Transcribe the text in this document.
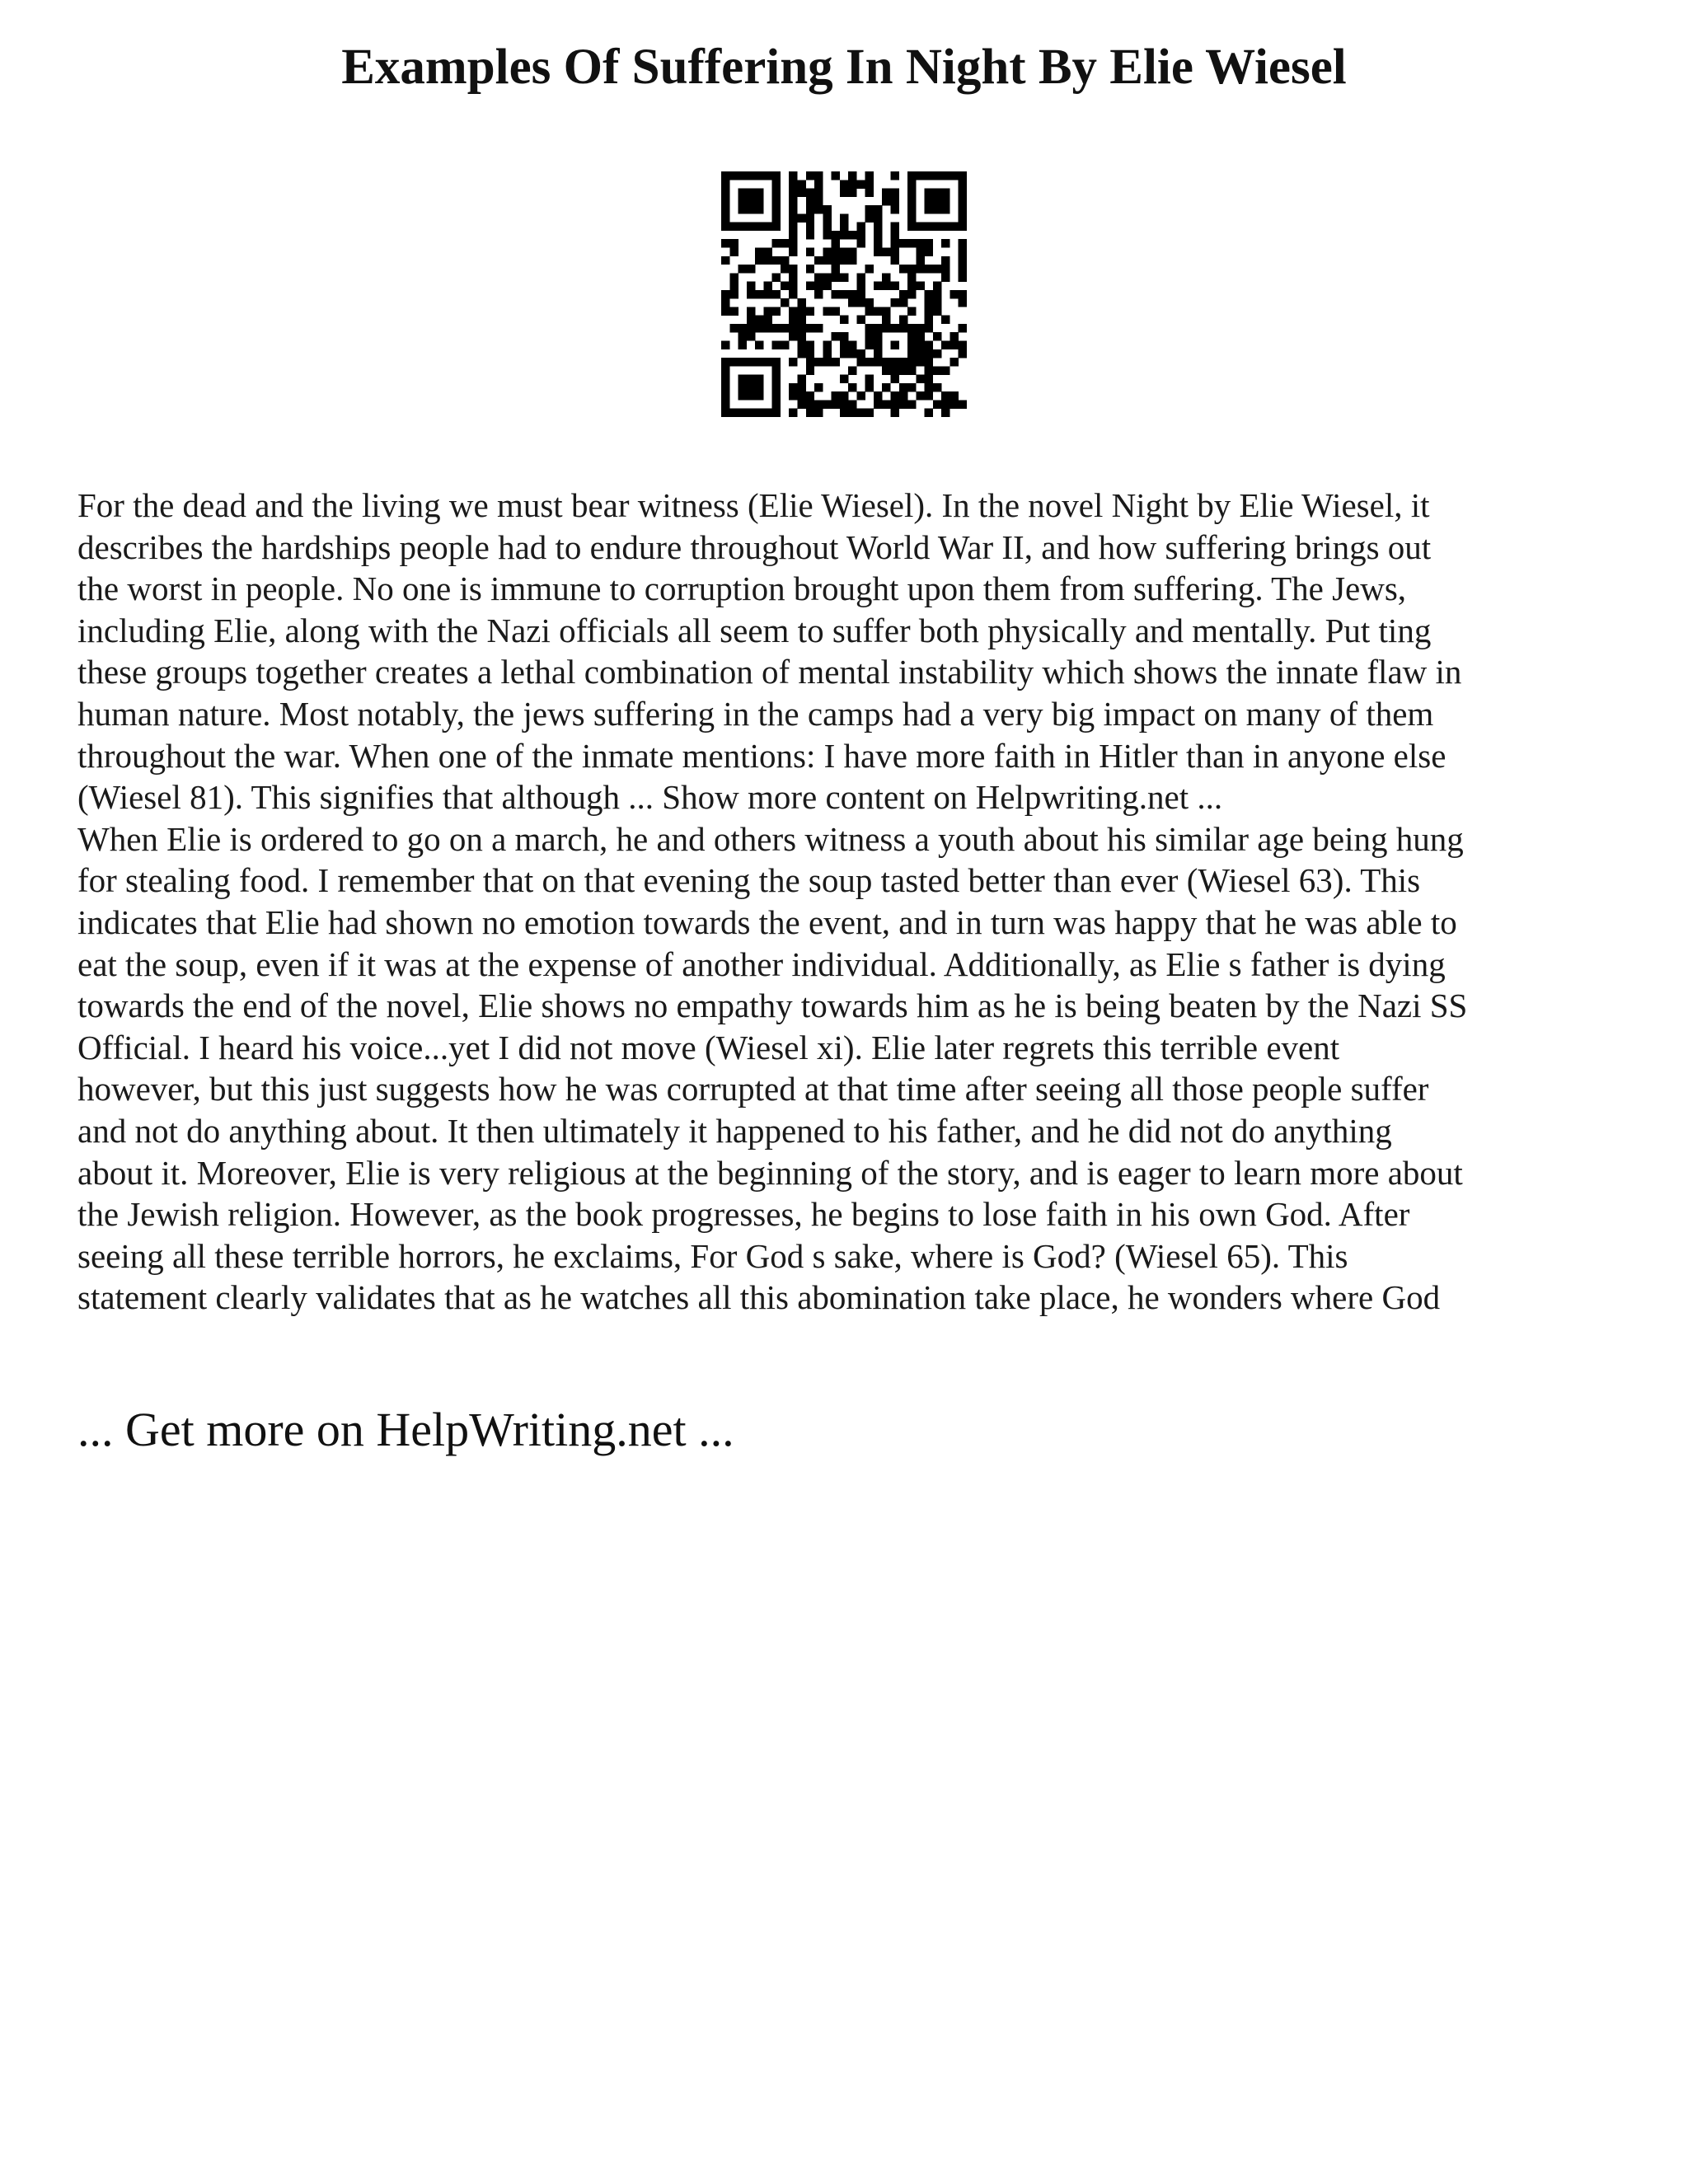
Examples Of Suffering In Night By Elie Wiesel
For the dead and the living we must bear witness (Elie Wiesel). In the novel Night by Elie Wiesel, it
describes the hardships people had to endure throughout World War II, and how suffering brings out
the worst in people. No one is immune to corruption brought upon them from suffering. The Jews,
including Elie, along with the Nazi officials all seem to suffer both physically and mentally. Put ting
these groups together creates a lethal combination of mental instability which shows the innate flaw in
human nature. Most notably, the jews suffering in the camps had a very big impact on many of them
throughout the war. When one of the inmate mentions: I have more faith in Hitler than in anyone else
(Wiesel 81). This signifies that although ... Show more content on Helpwriting.net ...
When Elie is ordered to go on a march, he and others witness a youth about his similar age being hung
for stealing food. I remember that on that evening the soup tasted better than ever (Wiesel 63). This
indicates that Elie had shown no emotion towards the event, and in turn was happy that he was able to
eat the soup, even if it was at the expense of another individual. Additionally, as Elie s father is dying
towards the end of the novel, Elie shows no empathy towards him as he is being beaten by the Nazi SS
Official. I heard his voice...yet I did not move (Wiesel xi). Elie later regrets this terrible event
however, but this just suggests how he was corrupted at that time after seeing all those people suffer
and not do anything about. It then ultimately it happened to his father, and he did not do anything
about it. Moreover, Elie is very religious at the beginning of the story, and is eager to learn more about
the Jewish religion. However, as the book progresses, he begins to lose faith in his own God. After
seeing all these terrible horrors, he exclaims, For God s sake, where is God? (Wiesel 65). This
statement clearly validates that as he watches all this abomination take place, he wonders where God

... Get more on HelpWriting.net ...
